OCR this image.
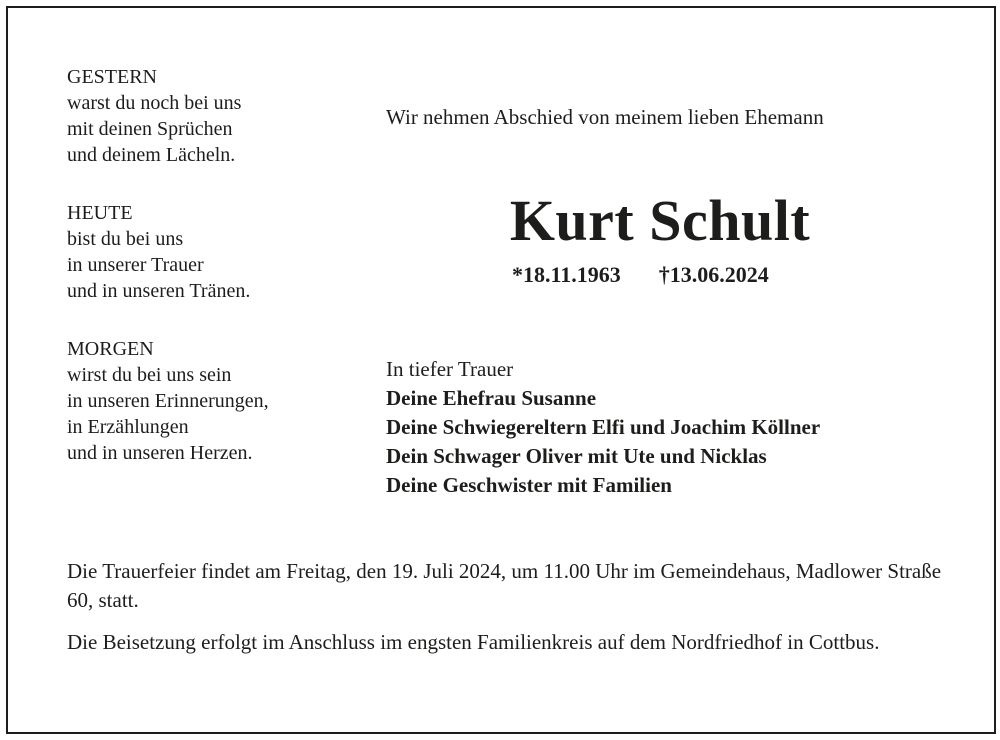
GESTERN
warst du noch bei uns
mit deinen Sprüchen
und deinem Lächeln.
HEUTE
bist du bei uns
in unserer Trauer
und in unseren Tränen.
MORGEN
wirst du bei uns sein
in unseren Erinnerungen,
in Erzählungen
und in unseren Herzen.
Wir nehmen Abschied von meinem lieben Ehemann
Kurt Schult
*18.11.1963 †13.06.2024
In tiefer Trauer
Deine Ehefrau Susanne
Deine Schwiegereltern Elfi und Joachim Köllner
Dein Schwager Oliver mit Ute und Nicklas
Deine Geschwister mit Familien

Die Trauerfeier findet am Freitag, den 19. Juli 2024, um 11.00 Uhr im Gemeindehaus, Madlower Straße 60, statt.

Die Beisetzung erfolgt im Anschluss im engsten Familienkreis auf dem Nordfriedhof in Cottbus.
